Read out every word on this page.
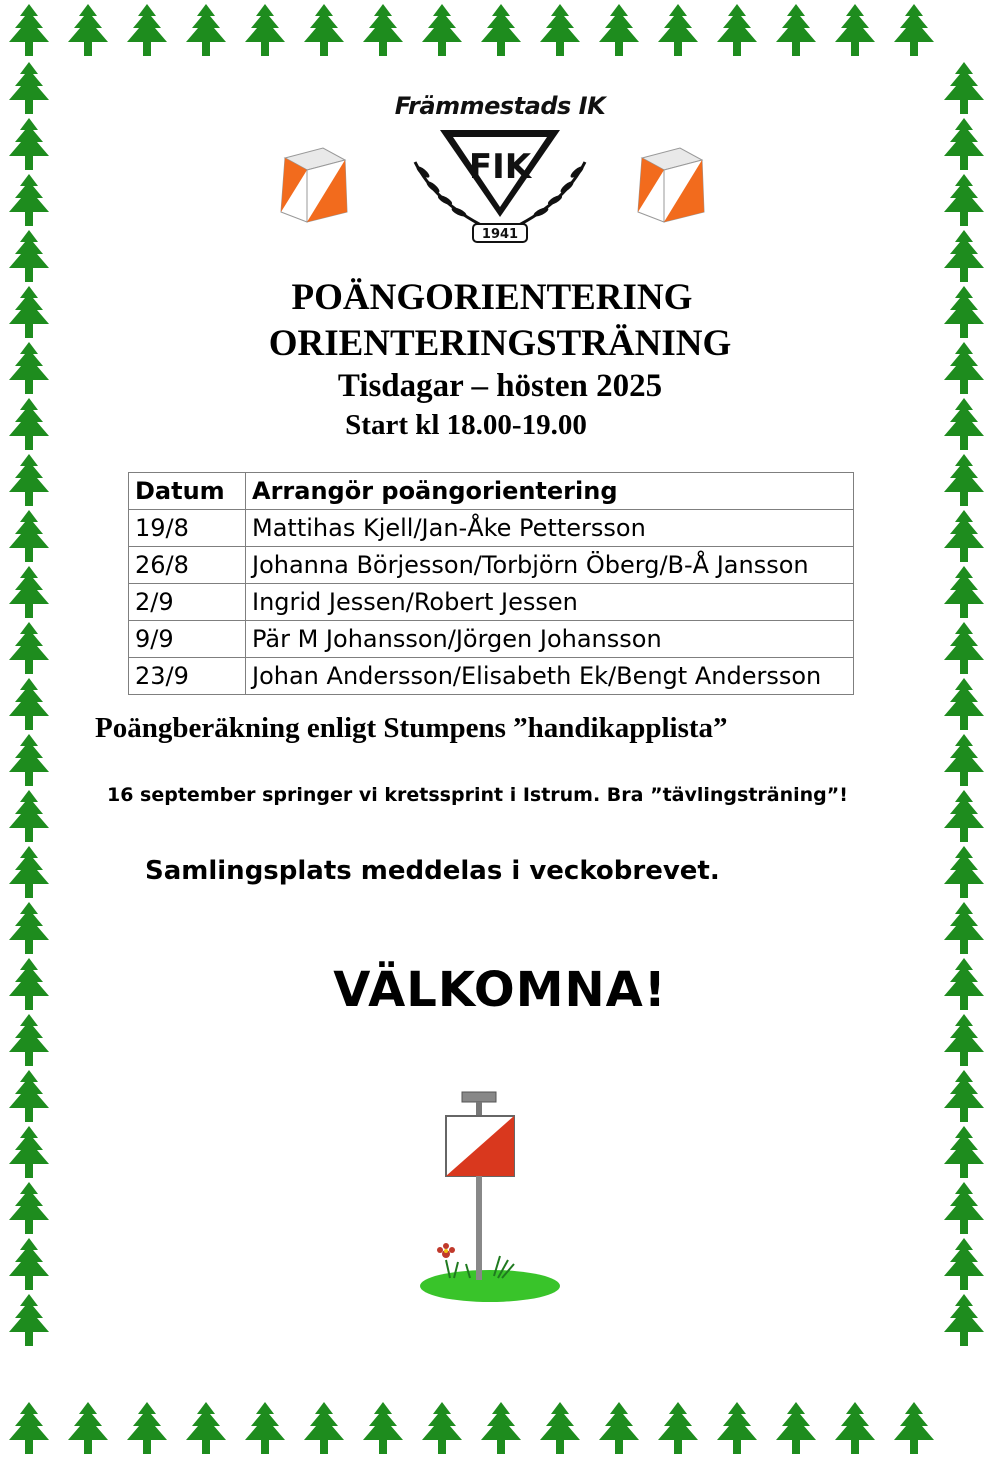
Främmestads IK
FIK
1941
POÄNGORIENTERING
ORIENTERINGSTRÄNING
Tisdagar – hösten 2025
Start kl 18.00-19.00
Datum	Arrangör poängorientering
19/8	Mattihas Kjell/Jan-Åke Pettersson
26/8	Johanna Börjesson/Torbjörn Öberg/B-Å Jansson
2/9	Ingrid Jessen/Robert Jessen
9/9	Pär M Johansson/Jörgen Johansson
23/9	Johan Andersson/Elisabeth Ek/Bengt Andersson
Poängberäkning enligt Stumpens ”handikapplista”
16 september springer vi kretssprint i Istrum. Bra ”tävlingsträning”!
Samlingsplats meddelas i veckobrevet.
VÄLKOMNA!
